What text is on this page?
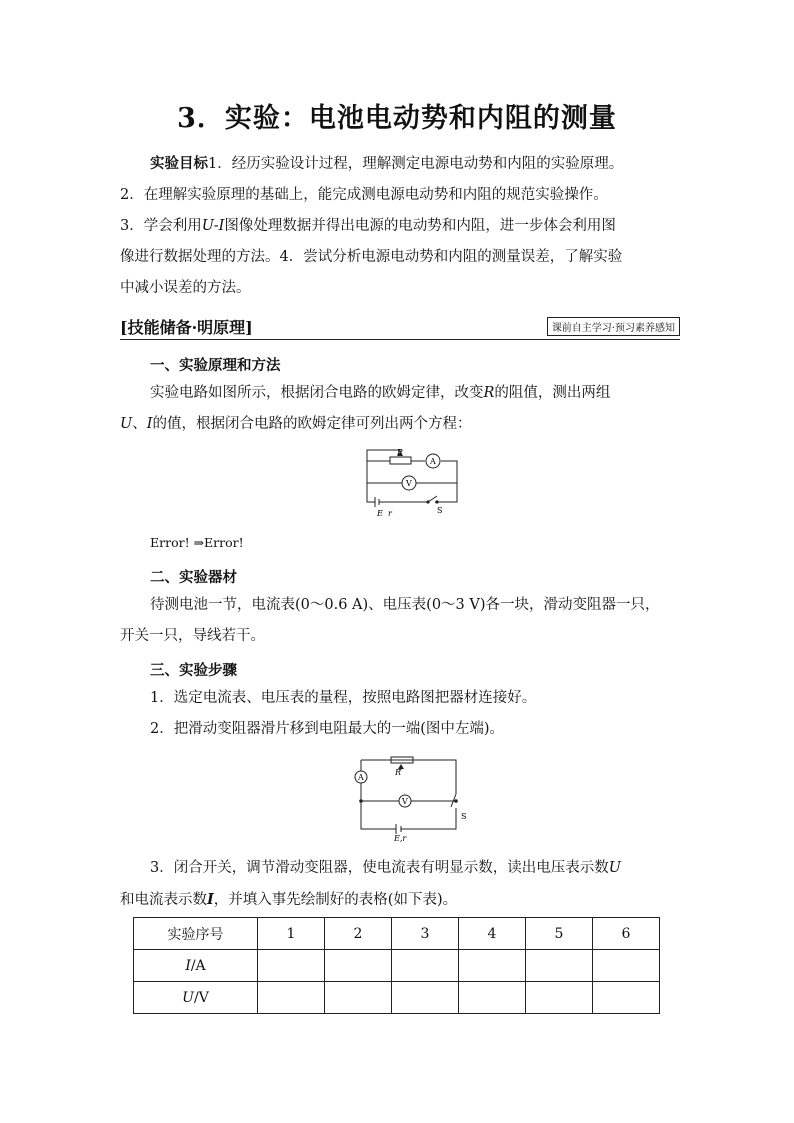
3．实验：电池电动势和内阻的测量
实验目标1．经历实验设计过程，理解测定电源电动势和内阻的实验原理。
2．在理解实验原理的基础上，能完成测电源电动势和内阻的规范实验操作。
3．学会利用U-I图像处理数据并得出电源的电动势和内阻，进一步体会利用图
像进行数据处理的方法。4．尝试分析电源电动势和内阻的测量误差，了解实验
中减小误差的方法。
[技能储备·明原理]	课前自主学习·预习素养感知
一、实验原理和方法
实验电路如图所示，根据闭合电路的欧姆定律，改变R的阻值，测出两组
U、I的值，根据闭合电路的欧姆定律可列出两个方程：
R
A
V
E r	S
Error! ⇒Error!
二、实验器材
待测电池一节，电流表(0～0.6 A)、电压表(0～3 V)各一块，滑动变阻器一只，
开关一只，导线若干。
三、实验步骤
1．选定电流表、电压表的量程，按照电路图把器材连接好。
2．把滑动变阻器滑片移到电阻最大的一端(图中左端)。
A
R
V
S
E,r
3．闭合开关，调节滑动变阻器，使电流表有明显示数，读出电压表示数U
和电流表示数I，并填入事先绘制好的表格(如下表)。
实验序号	1	2	3	4	5	6
I/A						
U/V						
